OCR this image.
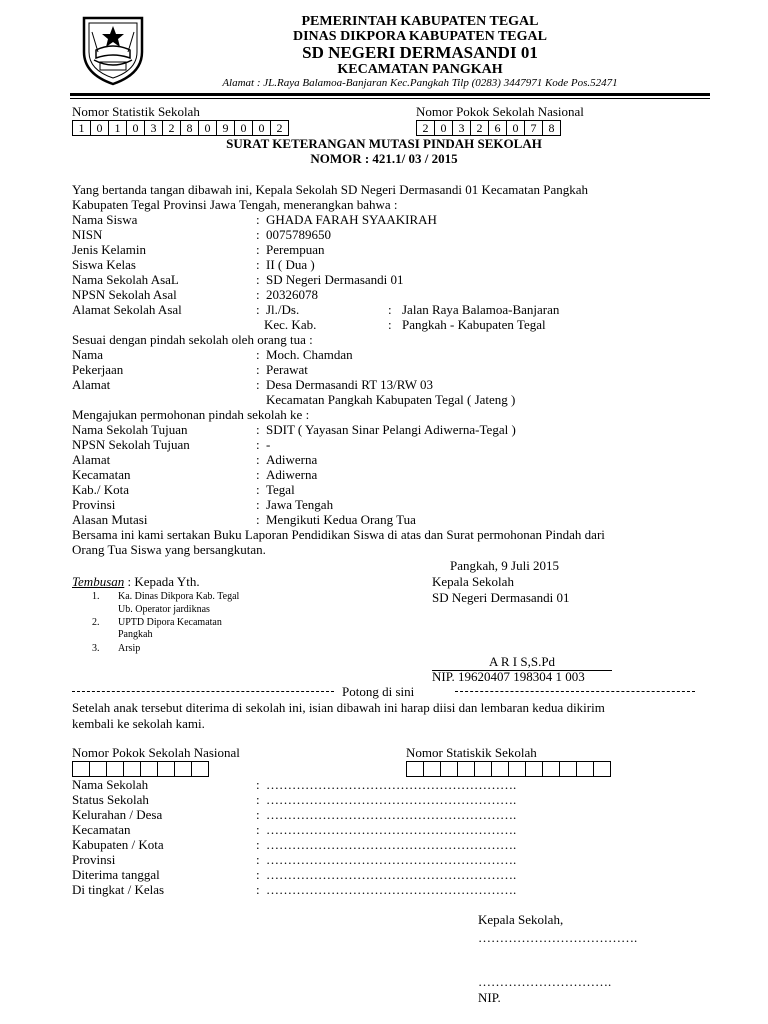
PEMERINTAH KABUPATEN TEGAL
DINAS DIKPORA KABUPATEN TEGAL
SD NEGERI DERMASANDI 01
KECAMATAN PANGKAH
Alamat : JL.Raya Balamoa-Banjaran Kec.Pangkah Tilp (0283) 3447971 Kode Pos.52471
Nomor Statistik Sekolah
1	0	1	0	3	2	8	0	9	0	0	2
Nomor Pokok Sekolah Nasional
2	0	3	2	6	0	7	8
SURAT KETERANGAN MUTASI PINDAH SEKOLAH
NOMOR : 421.1/ 03 / 2015
Yang bertanda tangan dibawah ini, Kepala Sekolah SD Negeri Dermasandi 01 Kecamatan Pangkah
Kabupaten Tegal Provinsi Jawa Tengah, menerangkan bahwa :
Nama Siswa	: GHADA FARAH SYAAKIRAH
NISN	: 0075789650
Jenis Kelamin	: Perempuan
Siswa Kelas	: II ( Dua )
Nama Sekolah AsaL	: SD Negeri Dermasandi 01
NPSN Sekolah Asal	: 20326078
Alamat Sekolah Asal	: Jl./Ds.	: Jalan Raya Balamoa-Banjaran
Kec. Kab.	: Pangkah - Kabupaten Tegal
Sesuai dengan pindah sekolah oleh orang tua :
Nama	: Moch. Chamdan
Pekerjaan	: Perawat
Alamat	: Desa Dermasandi RT 13/RW 03
Kecamatan Pangkah Kabupaten Tegal ( Jateng )
Mengajukan permohonan pindah sekolah ke :
Nama Sekolah Tujuan	: SDIT ( Yayasan Sinar Pelangi Adiwerna-Tegal )
NPSN Sekolah Tujuan	: -
Alamat	: Adiwerna
Kecamatan	: Adiwerna
Kab./ Kota	: Tegal
Provinsi	: Jawa Tengah
Alasan Mutasi	: Mengikuti Kedua Orang Tua
Bersama ini kami sertakan Buku Laporan Pendidikan Siswa di atas dan Surat permohonan Pindah dari
Orang Tua Siswa yang bersangkutan.
Pangkah, 9 Juli 2015
Kepala Sekolah
SD Negeri Dermasandi 01
A R I S,S.Pd
NIP. 19620407 198304 1 003
Tembusan : Kepada Yth.
1. Ka. Dinas Dikpora Kab. Tegal
Ub. Operator jardiknas
2. UPTD Dipora Kecamatan
Pangkah
3. Arsip
Potong di sini
Setelah anak tersebut diterima di sekolah ini, isian dibawah ini harap diisi dan lembaran kedua dikirim
kembali ke sekolah kami.
Nomor Pokok Sekolah Nasional	Nomor Statiskik Sekolah
Nama Sekolah	: ………………………………………………….
Status Sekolah	: ………………………………………………….
Kelurahan / Desa	: ………………………………………………….
Kecamatan	: ………………………………………………….
Kabupaten / Kota	: ………………………………………………….
Provinsi	: ………………………………………………….
Diterima tanggal	: ………………………………………………….
Di tingkat / Kelas	: ………………………………………………….
Kepala Sekolah,
……………………………….
………………………….
NIP.
